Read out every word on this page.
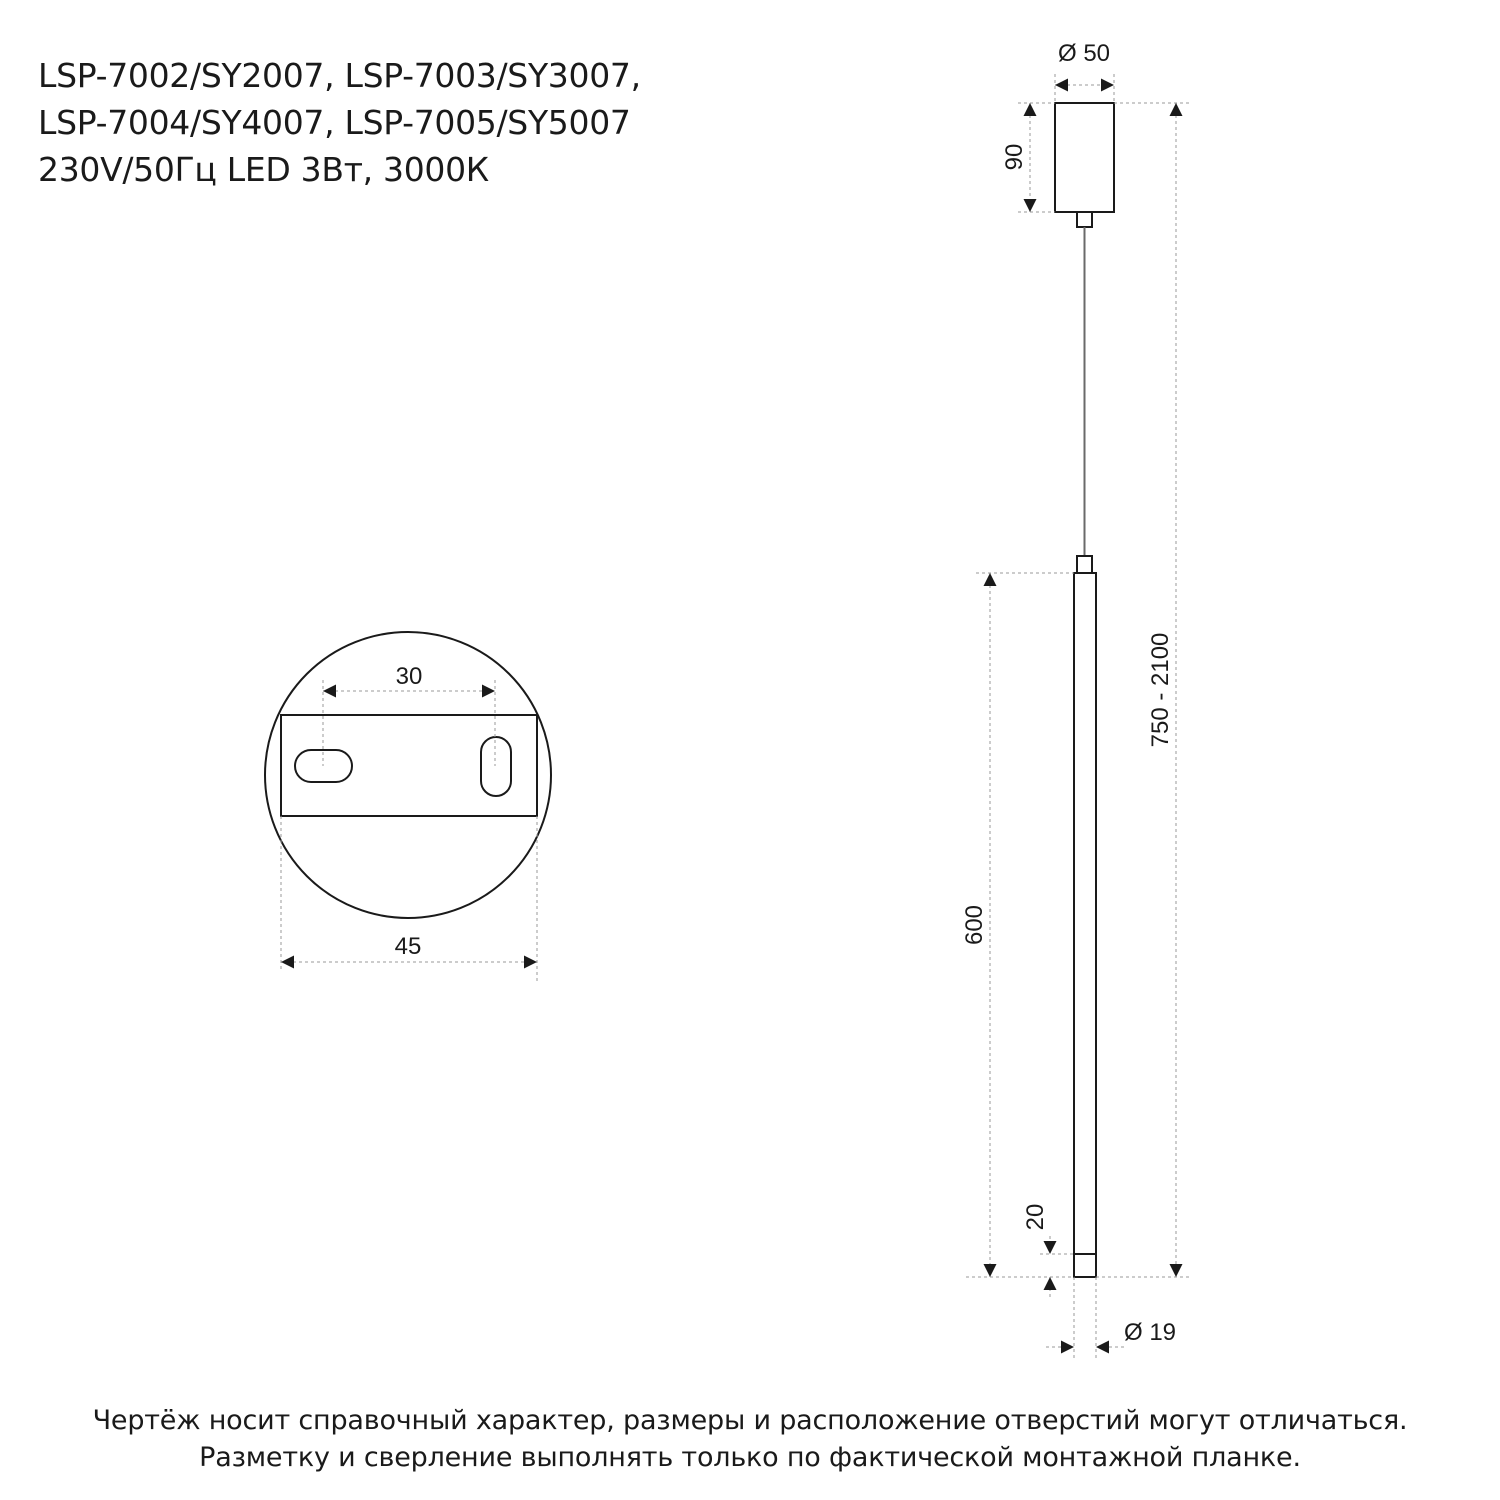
LSP-7002/SY2007, LSP-7003/SY3007,
LSP-7004/SY4007, LSP-7005/SY5007
230V/50Гц LED 3Вт, 3000К
30
45
Ø 50
90
750 - 2100
600
20
Ø 19
Чертёж носит справочный характер, размеры и расположение отверстий могут отличаться.
Разметку и сверление выполнять только по фактической монтажной планке.
